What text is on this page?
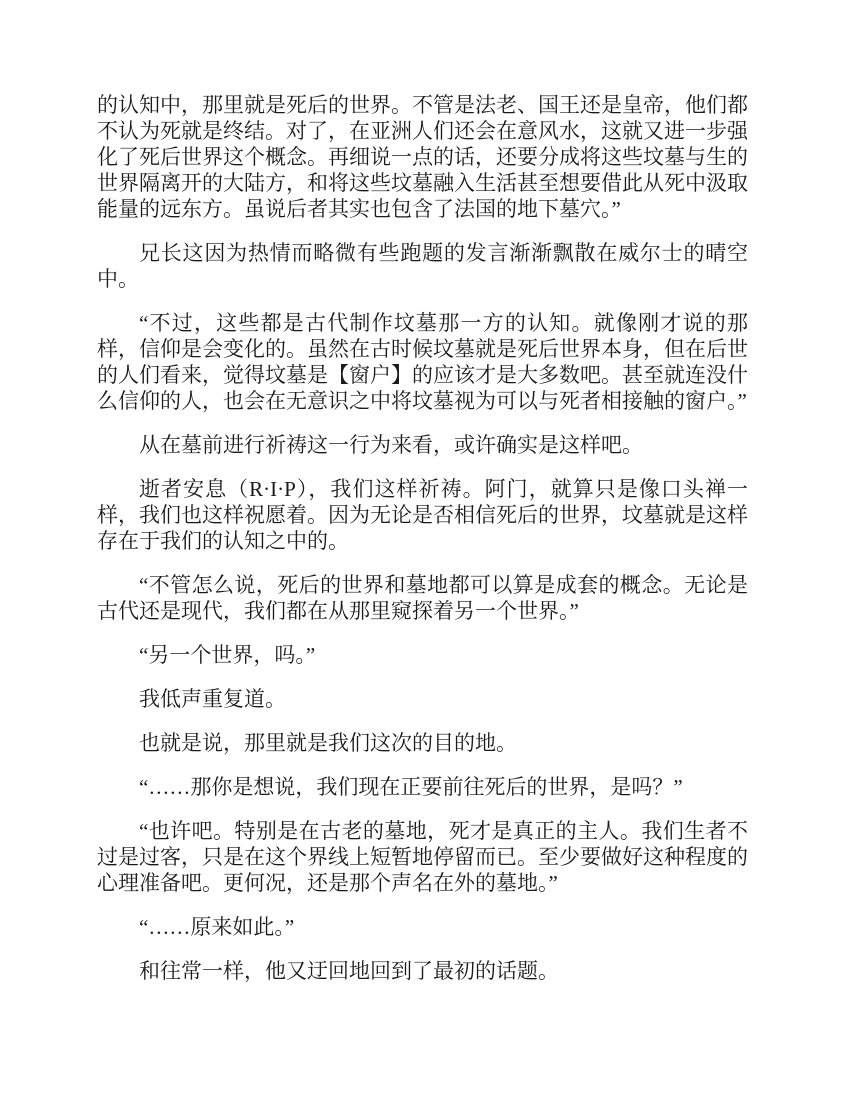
的认知中，那里就是死后的世界。不管是法老、国王还是皇帝，他们都不认为死就是终结。对了，在亚洲人们还会在意风水，这就又进一步强化了死后世界这个概念。再细说一点的话，还要分成将这些坟墓与生的世界隔离开的大陆方，和将这些坟墓融入生活甚至想要借此从死中汲取能量的远东方。虽说后者其实也包含了法国的地下墓穴。”

兄长这因为热情而略微有些跑题的发言渐渐飘散在威尔士的晴空中。

“不过，这些都是古代制作坟墓那一方的认知。就像刚才说的那样，信仰是会变化的。虽然在古时候坟墓就是死后世界本身，但在后世的人们看来，觉得坟墓是【窗户】的应该才是大多数吧。甚至就连没什么信仰的人，也会在无意识之中将坟墓视为可以与死者相接触的窗户。”

从在墓前进行祈祷这一行为来看，或许确实是这样吧。

逝者安息（R·I·P），我们这样祈祷。阿门，就算只是像口头禅一样，我们也这样祝愿着。因为无论是否相信死后的世界，坟墓就是这样存在于我们的认知之中的。

“不管怎么说，死后的世界和墓地都可以算是成套的概念。无论是古代还是现代，我们都在从那里窥探着另一个世界。”

“另一个世界，吗。”

我低声重复道。

也就是说，那里就是我们这次的目的地。

“……那你是想说，我们现在正要前往死后的世界，是吗？”

“也许吧。特别是在古老的墓地，死才是真正的主人。我们生者不过是过客，只是在这个界线上短暂地停留而已。至少要做好这种程度的心理准备吧。更何况，还是那个声名在外的墓地。”

“……原来如此。”

和往常一样，他又迂回地回到了最初的话题。
